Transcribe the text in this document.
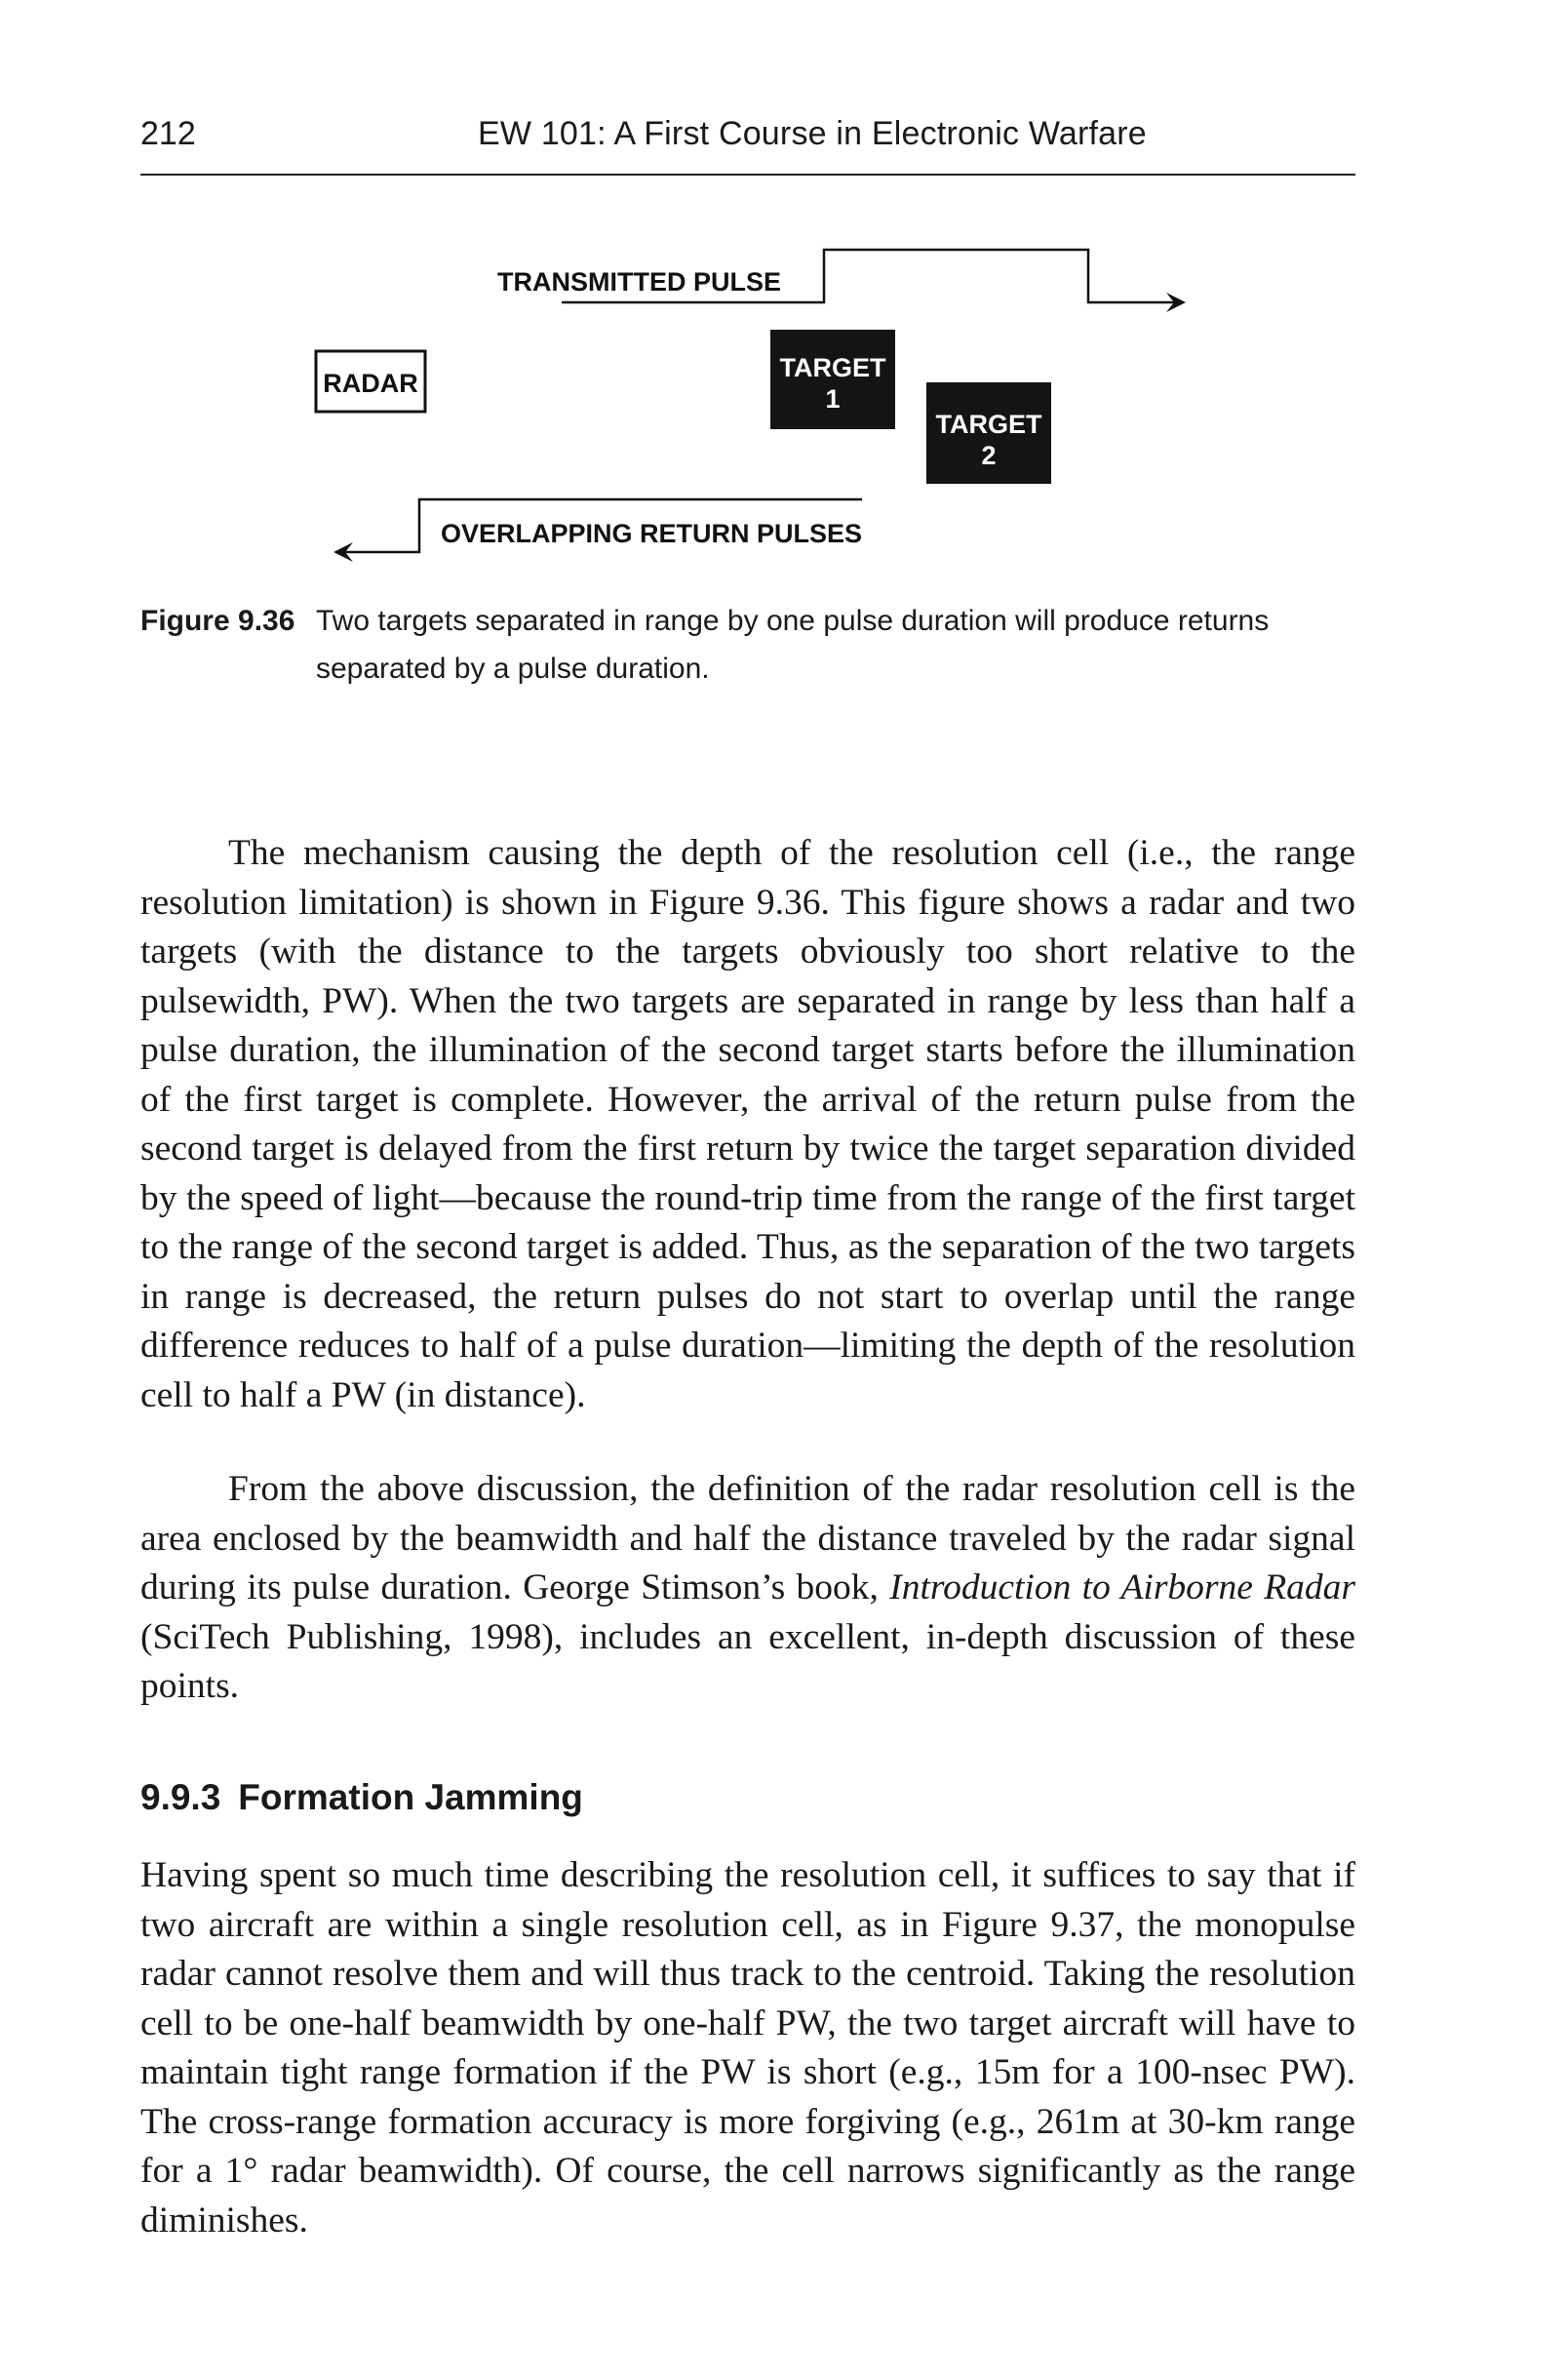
212	EW 101: A First Course in Electronic Warfare
TRANSMITTED PULSE
RADAR
TARGET
1
TARGET
2
OVERLAPPING RETURN PULSES
Figure 9.36 Two targets separated in range by one pulse duration will produce returns separated by a pulse duration.

The mechanism causing the depth of the resolution cell (i.e., the range resolution limitation) is shown in Figure 9.36. This figure shows a radar and two targets (with the distance to the targets obviously too short relative to the pulsewidth, PW). When the two targets are separated in range by less than half a pulse duration, the illumination of the second target starts before the illumination of the first target is complete. However, the arrival of the return pulse from the second target is delayed from the first return by twice the target separation divided by the speed of light—because the round-trip time from the range of the first target to the range of the second target is added. Thus, as the separation of the two targets in range is decreased, the return pulses do not start to overlap until the range difference reduces to half of a pulse duration—limiting the depth of the resolution cell to half a PW (in distance).

From the above discussion, the definition of the radar resolution cell is the area enclosed by the beamwidth and half the distance traveled by the radar signal during its pulse duration. George Stimson’s book, Introduction to Airborne Radar (SciTech Publishing, 1998), includes an excellent, in-depth discussion of these points.

9.9.3 Formation Jamming

Having spent so much time describing the resolution cell, it suffices to say that if two aircraft are within a single resolution cell, as in Figure 9.37, the monopulse radar cannot resolve them and will thus track to the centroid. Taking the resolution cell to be one-half beamwidth by one-half PW, the two target aircraft will have to maintain tight range formation if the PW is short (e.g., 15m for a 100-nsec PW). The cross-range formation accuracy is more forgiving (e.g., 261m at 30-km range for a 1° radar beamwidth). Of course, the cell narrows significantly as the range diminishes.
